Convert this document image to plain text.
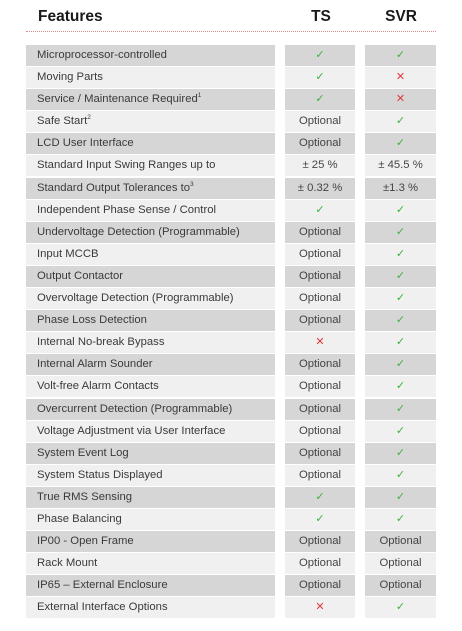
Features	TS	SVR
Microprocessor-controlled	✓	✓
Moving Parts	✓	✕
Service / Maintenance Required$^1$	✓	✕
Safe Start$^2$	Optional	✓
LCD User Interface	Optional	✓
Standard Input Swing Ranges up to	± 25 %	± 45.5 %
Standard Output Tolerances $to^3$	± 0.32 %	±1.3 %
Independent Phase Sense / Control	✓	✓
Undervoltage Detection (Programmable)	Optional	✓
Input MCCB	Optional	✓
Output Contactor	Optional	✓
Overvoltage Detection (Programmable)	Optional	✓
Phase Loss Detection	Optional	✓
Internal No-break Bypass	✕	✓
Internal Alarm Sounder	Optional	✓
Volt-free Alarm Contacts	Optional	✓
Overcurrent Detection (Programmable)	Optional	✓
Voltage Adjustment via User Interface	Optional	✓
System Event Log	Optional	✓
System Status Displayed	Optional	✓
True RMS Sensing	✓	✓
Phase Balancing	✓	✓
IP00 - Open Frame	Optional	Optional
Rack Mount	Optional	Optional
IP65 – External Enclosure	Optional	Optional
External Interface Options	✕	✓
